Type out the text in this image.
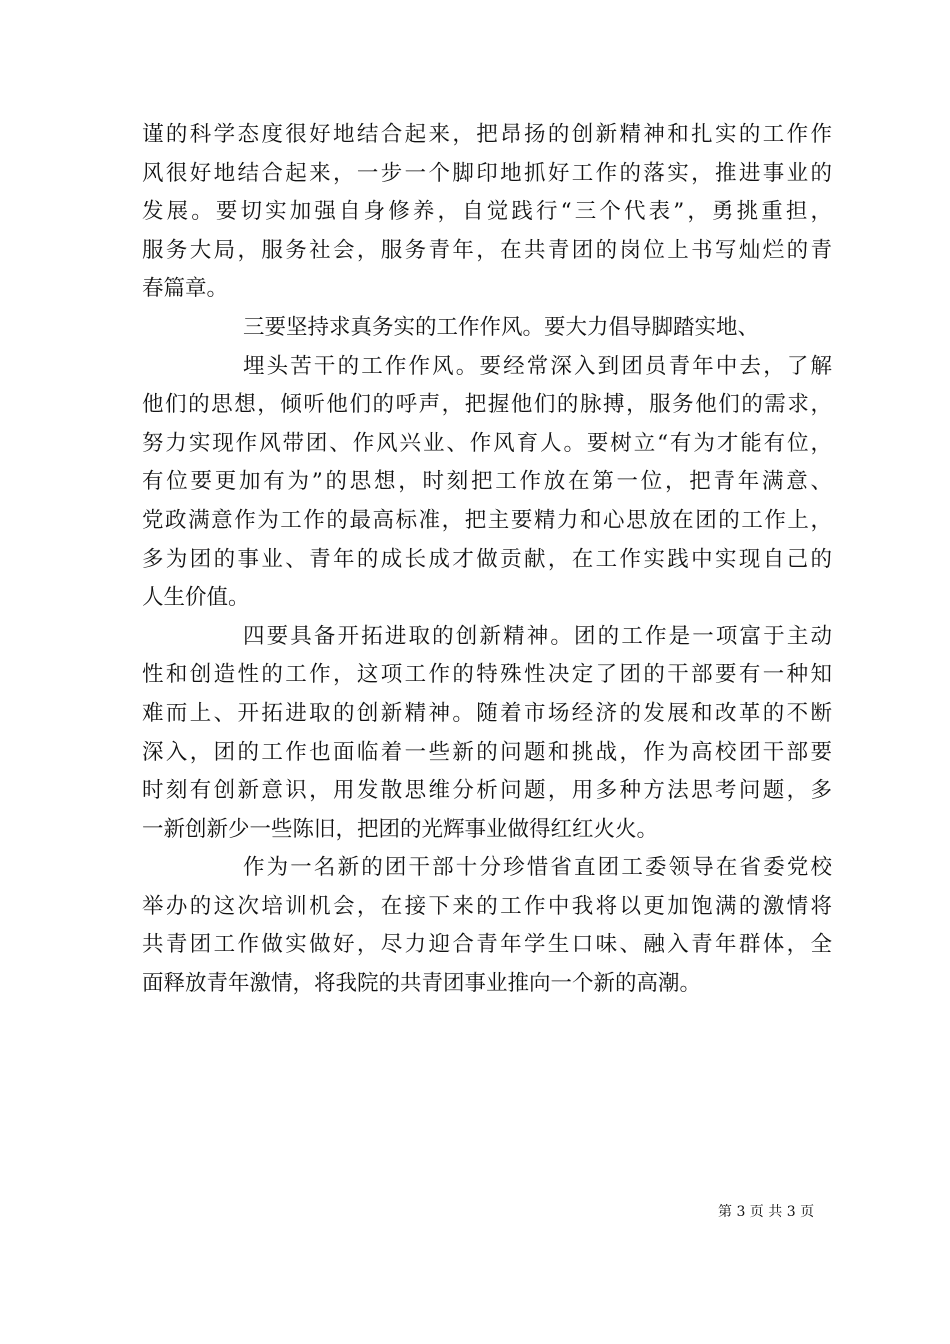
谨的科学态度很好地结合起来，把昂扬的创新精神和扎实的工作作
风很好地结合起来，一步一个脚印地抓好工作的落实，推进事业的
发展。要切实加强自身修养，自觉践行“三个代表”，勇挑重担，
服务大局，服务社会，服务青年，在共青团的岗位上书写灿烂的青
春篇章。
三要坚持求真务实的工作作风。要大力倡导脚踏实地、
埋头苦干的工作作风。要经常深入到团员青年中去，了解
他们的思想，倾听他们的呼声，把握他们的脉搏，服务他们的需求，
努力实现作风带团、作风兴业、作风育人。要树立“有为才能有位，
有位要更加有为”的思想，时刻把工作放在第一位，把青年满意、
党政满意作为工作的最高标准，把主要精力和心思放在团的工作上，
多为团的事业、青年的成长成才做贡献，在工作实践中实现自己的
人生价值。
四要具备开拓进取的创新精神。团的工作是一项富于主动
性和创造性的工作，这项工作的特殊性决定了团的干部要有一种知
难而上、开拓进取的创新精神。随着市场经济的发展和改革的不断
深入，团的工作也面临着一些新的问题和挑战，作为高校团干部要
时刻有创新意识，用发散思维分析问题，用多种方法思考问题，多
一新创新少一些陈旧，把团的光辉事业做得红红火火。
作为一名新的团干部十分珍惜省直团工委领导在省委党校
举办的这次培训机会，在接下来的工作中我将以更加饱满的激情将
共青团工作做实做好，尽力迎合青年学生口味、融入青年群体，全
面释放青年激情，将我院的共青团事业推向一个新的高潮。
第 3 页 共 3 页
